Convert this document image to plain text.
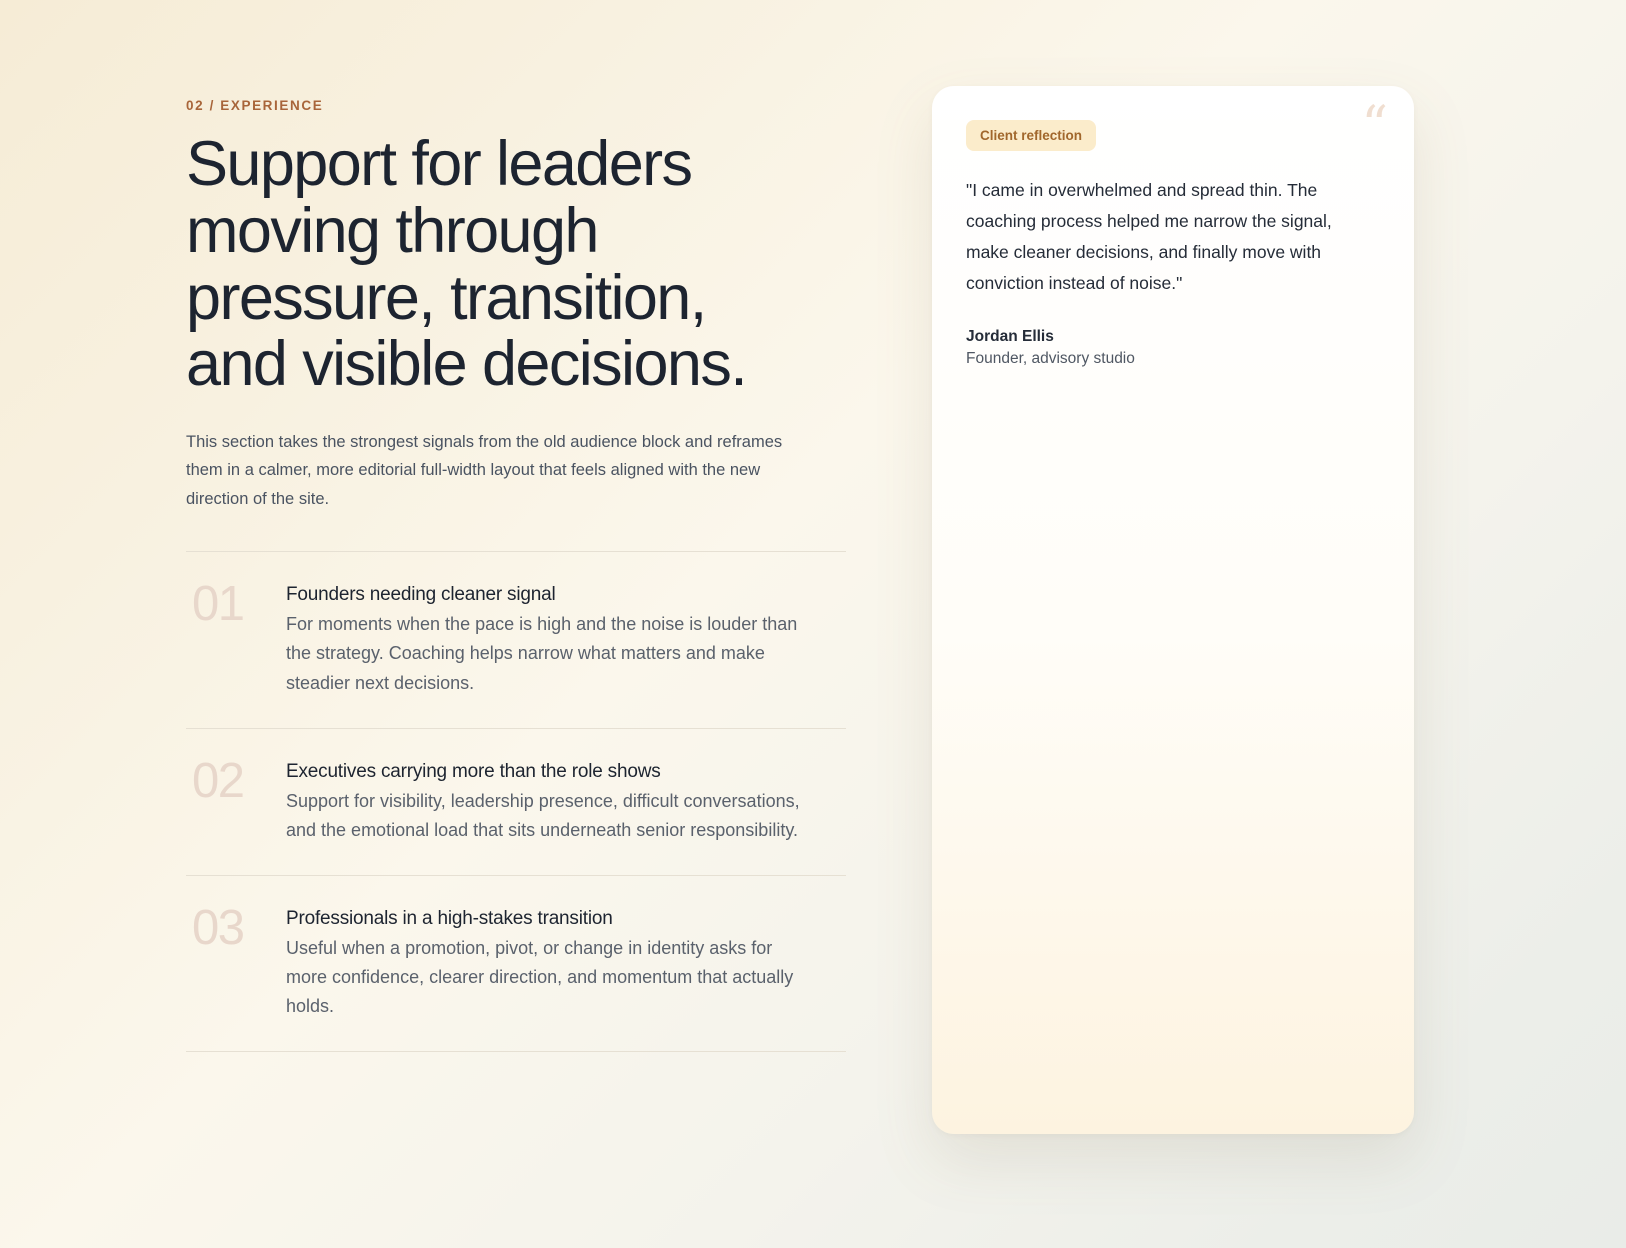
02 / EXPERIENCE
Support for leaders moving through pressure, transition, and visible decisions.

This section takes the strongest signals from the old audience block and reframes them in a calmer, more editorial full-width layout that feels aligned with the new direction of the site.

01	Founders needing cleaner signal
For moments when the pace is high and the noise is louder than the strategy. Coaching helps narrow what matters and make steadier next decisions.
02	Executives carrying more than the role shows
Support for visibility, leadership presence, difficult conversations, and the emotional load that sits underneath senior responsibility.
03	Professionals in a high-stakes transition
Useful when a promotion, pivot, or change in identity asks for more confidence, clearer direction, and momentum that actually holds.
“
Client reflection

"I came in overwhelmed and spread thin. The coaching process helped me narrow the signal, make cleaner decisions, and finally move with conviction instead of noise."

Jordan Ellis
Founder, advisory studio
